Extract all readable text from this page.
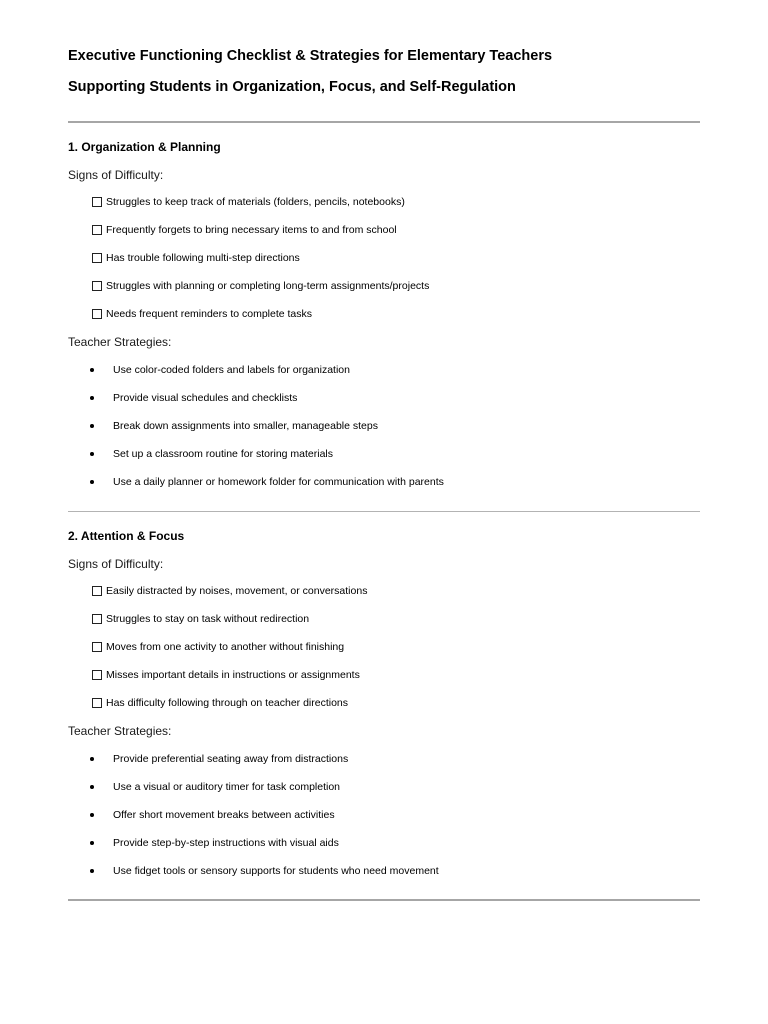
Executive Functioning Checklist & Strategies for Elementary Teachers
Supporting Students in Organization, Focus, and Self-Regulation
1. Organization & Planning
Signs of Difficulty:
Struggles to keep track of materials (folders, pencils, notebooks)
Frequently forgets to bring necessary items to and from school
Has trouble following multi-step directions
Struggles with planning or completing long-term assignments/projects
Needs frequent reminders to complete tasks
Teacher Strategies:
Use color-coded folders and labels for organization
Provide visual schedules and checklists
Break down assignments into smaller, manageable steps
Set up a classroom routine for storing materials
Use a daily planner or homework folder for communication with parents
2. Attention & Focus
Signs of Difficulty:
Easily distracted by noises, movement, or conversations
Struggles to stay on task without redirection
Moves from one activity to another without finishing
Misses important details in instructions or assignments
Has difficulty following through on teacher directions
Teacher Strategies:
Provide preferential seating away from distractions
Use a visual or auditory timer for task completion
Offer short movement breaks between activities
Provide step-by-step instructions with visual aids
Use fidget tools or sensory supports for students who need movement
